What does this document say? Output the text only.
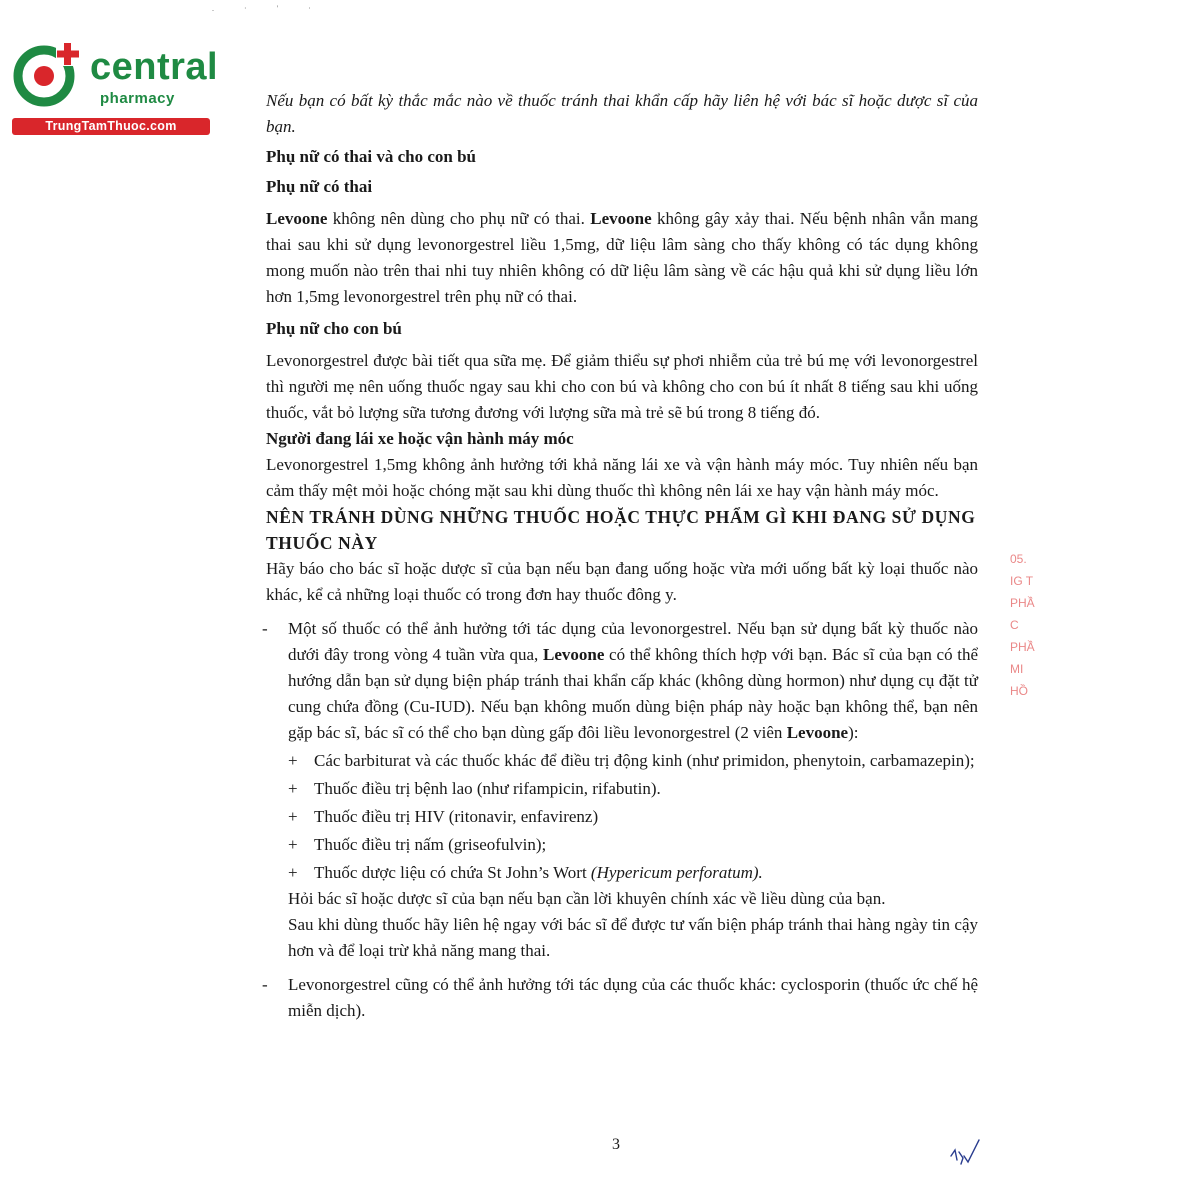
. · ' ·
central
pharmacy
TrungTamThuoc.com

Nếu bạn có bất kỳ thắc mắc nào về thuốc tránh thai khẩn cấp hãy liên hệ với bác sĩ hoặc dược sĩ của bạn.

Phụ nữ có thai và cho con bú

Phụ nữ có thai

Levoone không nên dùng cho phụ nữ có thai. Levoone không gây xảy thai. Nếu bệnh nhân vẫn mang thai sau khi sử dụng levonorgestrel liều 1,5mg, dữ liệu lâm sàng cho thấy không có tác dụng không mong muốn nào trên thai nhi tuy nhiên không có dữ liệu lâm sàng về các hậu quả khi sử dụng liều lớn hơn 1,5mg levonorgestrel trên phụ nữ có thai.

Phụ nữ cho con bú

Levonorgestrel được bài tiết qua sữa mẹ. Để giảm thiểu sự phơi nhiễm của trẻ bú mẹ với levonorgestrel thì người mẹ nên uống thuốc ngay sau khi cho con bú và không cho con bú ít nhất 8 tiếng sau khi uống thuốc, vắt bỏ lượng sữa tương đương với lượng sữa mà trẻ sẽ bú trong 8 tiếng đó.

Người đang lái xe hoặc vận hành máy móc

Levonorgestrel 1,5mg không ảnh hưởng tới khả năng lái xe và vận hành máy móc. Tuy nhiên nếu bạn cảm thấy mệt mỏi hoặc chóng mặt sau khi dùng thuốc thì không nên lái xe hay vận hành máy móc.

NÊN TRÁNH DÙNG NHỮNG THUỐC HOẶC THỰC PHẨM GÌ KHI ĐANG SỬ DỤNG THUỐC NÀY

Hãy báo cho bác sĩ hoặc dược sĩ của bạn nếu bạn đang uống hoặc vừa mới uống bất kỳ loại thuốc nào khác, kể cả những loại thuốc có trong đơn hay thuốc đông y.

- Một số thuốc có thể ảnh hưởng tới tác dụng của levonorgestrel. Nếu bạn sử dụng bất kỳ thuốc nào dưới đây trong vòng 4 tuần vừa qua, Levoone có thể không thích hợp với bạn. Bác sĩ của bạn có thể hướng dẫn bạn sử dụng biện pháp tránh thai khẩn cấp khác (không dùng hormon) như dụng cụ đặt tử cung chứa đồng (Cu-IUD). Nếu bạn không muốn dùng biện pháp này hoặc bạn không thể, bạn nên gặp bác sĩ, bác sĩ có thể cho bạn dùng gấp đôi liều levonorgestrel (2 viên Levoone):
+ Các barbiturat và các thuốc khác để điều trị động kinh (như primidon, phenytoin, carbamazepin);
+ Thuốc điều trị bệnh lao (như rifampicin, rifabutin).
+ Thuốc điều trị HIV (ritonavir, enfavirenz)
+ Thuốc điều trị nấm (griseofulvin);
+ Thuốc dược liệu có chứa St John’s Wort (Hypericum perforatum).

Hỏi bác sĩ hoặc dược sĩ của bạn nếu bạn cần lời khuyên chính xác về liều dùng của bạn.

Sau khi dùng thuốc hãy liên hệ ngay với bác sĩ để được tư vấn biện pháp tránh thai hàng ngày tin cậy hơn và để loại trừ khả năng mang thai.

- Levonorgestrel cũng có thể ảnh hưởng tới tác dụng của các thuốc khác: cyclosporin (thuốc ức chế hệ miễn dịch).
3
05.
IG T
PHẦ
C PHẦ
MI
HỒ
